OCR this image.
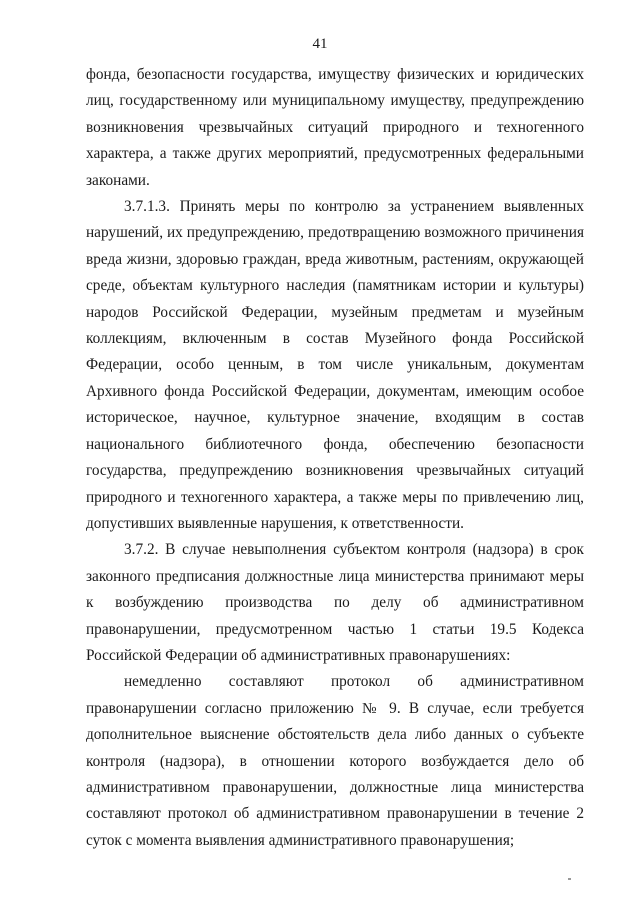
41

фонда, безопасности государства, имуществу физических и юридических лиц, государственному или муниципальному имуществу, предупреждению возникновения чрезвычайных ситуаций природного и техногенного характера, а также других мероприятий, предусмотренных федеральными законами.

3.7.1.3. Принять меры по контролю за устранением выявленных нарушений, их предупреждению, предотвращению возможного причинения вреда жизни, здоровью граждан, вреда животным, растениям, окружающей среде, объектам культурного наследия (памятникам истории и культуры) народов Российской Федерации, музейным предметам и музейным коллекциям, включенным в состав Музейного фонда Российской Федерации, особо ценным, в том числе уникальным, документам Архивного фонда Российской Федерации, документам, имеющим особое историческое, научное, культурное значение, входящим в состав национального библиотечного фонда, обеспечению безопасности государства, предупреждению возникновения чрезвычайных ситуаций природного и техногенного характера, а также меры по привлечению лиц, допустивших выявленные нарушения, к ответственности.

3.7.2. В случае невыполнения субъектом контроля (надзора) в срок законного предписания должностные лица министерства принимают меры к возбуждению производства по делу об административном правонарушении, предусмотренном частью 1 статьи 19.5 Кодекса Российской Федерации об административных правонарушениях:

немедленно составляют протокол об административном правонарушении согласно приложению № 9. В случае, если требуется дополнительное выяснение обстоятельств дела либо данных о субъекте контроля (надзора), в отношении которого возбуждается дело об административном правонарушении, должностные лица министерства составляют протокол об административном правонарушении в течение 2 суток с момента выявления административного правонарушения;
